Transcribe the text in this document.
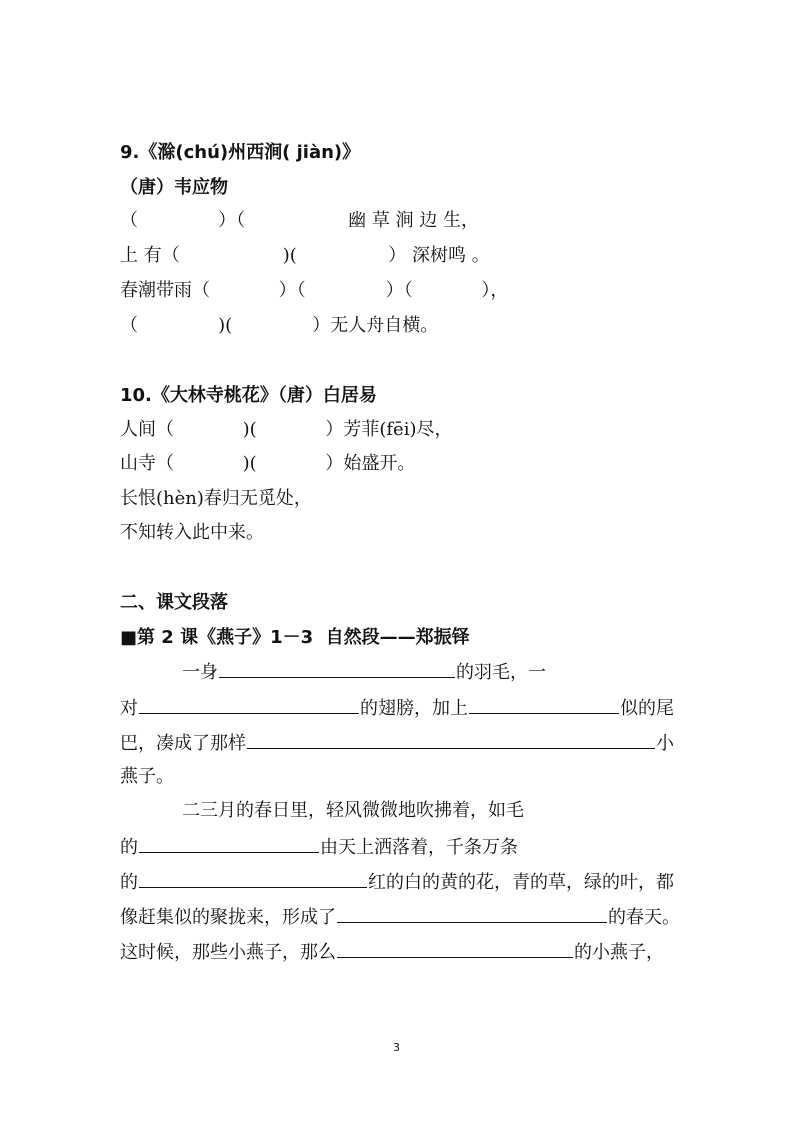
9.《滁(chú)州西涧( jiàn)》
（唐）韦应物
（              ）（                  幽 草 涧 边 生，
上 有（                  )(                ） 深树鸣 。
春潮带雨（            ）（              ）（            ），
（              )(              ）无人舟自横。
10.《大林寺桃花》（唐）白居易
人间（            )(            ）芳菲(fēi)尽，
山寺（            )(            ）始盛开。
长恨(hèn)春归无觅处，
不知转入此中来。
二、课文段落
■第 2 课《燕子》1－3  自然段——郑振铎
一身	的羽毛，一
对	的翅膀，加上	似的尾
巴，凑成了那样	小
燕子。
二三月的春日里，轻风微微地吹拂着，如毛
的	由天上洒落着，千条万条
的	红的白的黄的花，青的草，绿的叶，都
像赶集似的聚拢来，形成了	的春天。
这时候，那些小燕子，那么	的小燕子，
3
